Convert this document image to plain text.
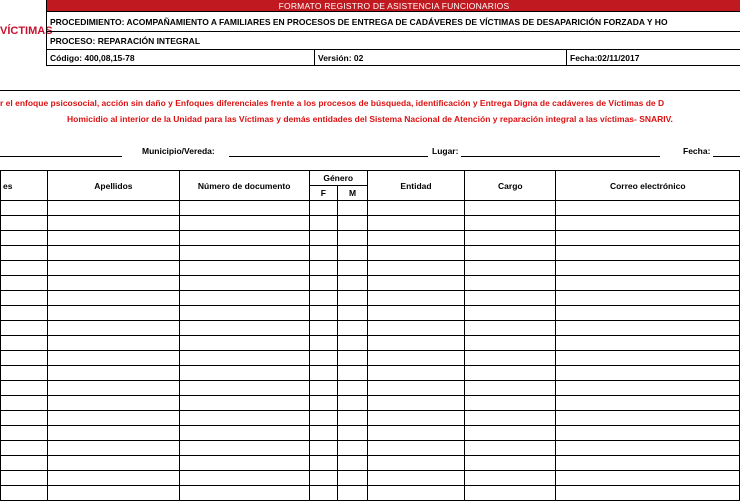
VÍCTIMAS
FORMATO REGISTRO DE ASISTENCIA FUNCIONARIOS
PROCEDIMIENTO: ACOMPAÑAMIENTO A FAMILIARES EN PROCESOS DE ENTREGA DE CADÁVERES DE VÍCTIMAS DE DESAPARICIÓN FORZADA Y HO
PROCESO: REPARACIÓN INTEGRAL
Código: 400,08,15-78	Versión: 02	Fecha:02/11/2017
r el enfoque psicosocial, acción sin daño y Enfoques diferenciales frente a los procesos de búsqueda, identificación y Entrega Digna de cadáveres de Víctimas de D
Homicidio al interior de la Unidad para las Víctimas y demás entidades del Sistema Nacional de Atención y reparación integral a las víctimas- SNARIV.
Municipio/Vereda:	Lugar:	Fecha:
es	Apellidos	Número de documento	Género		Entidad	Cargo	Correo electrónico
			F	M			
